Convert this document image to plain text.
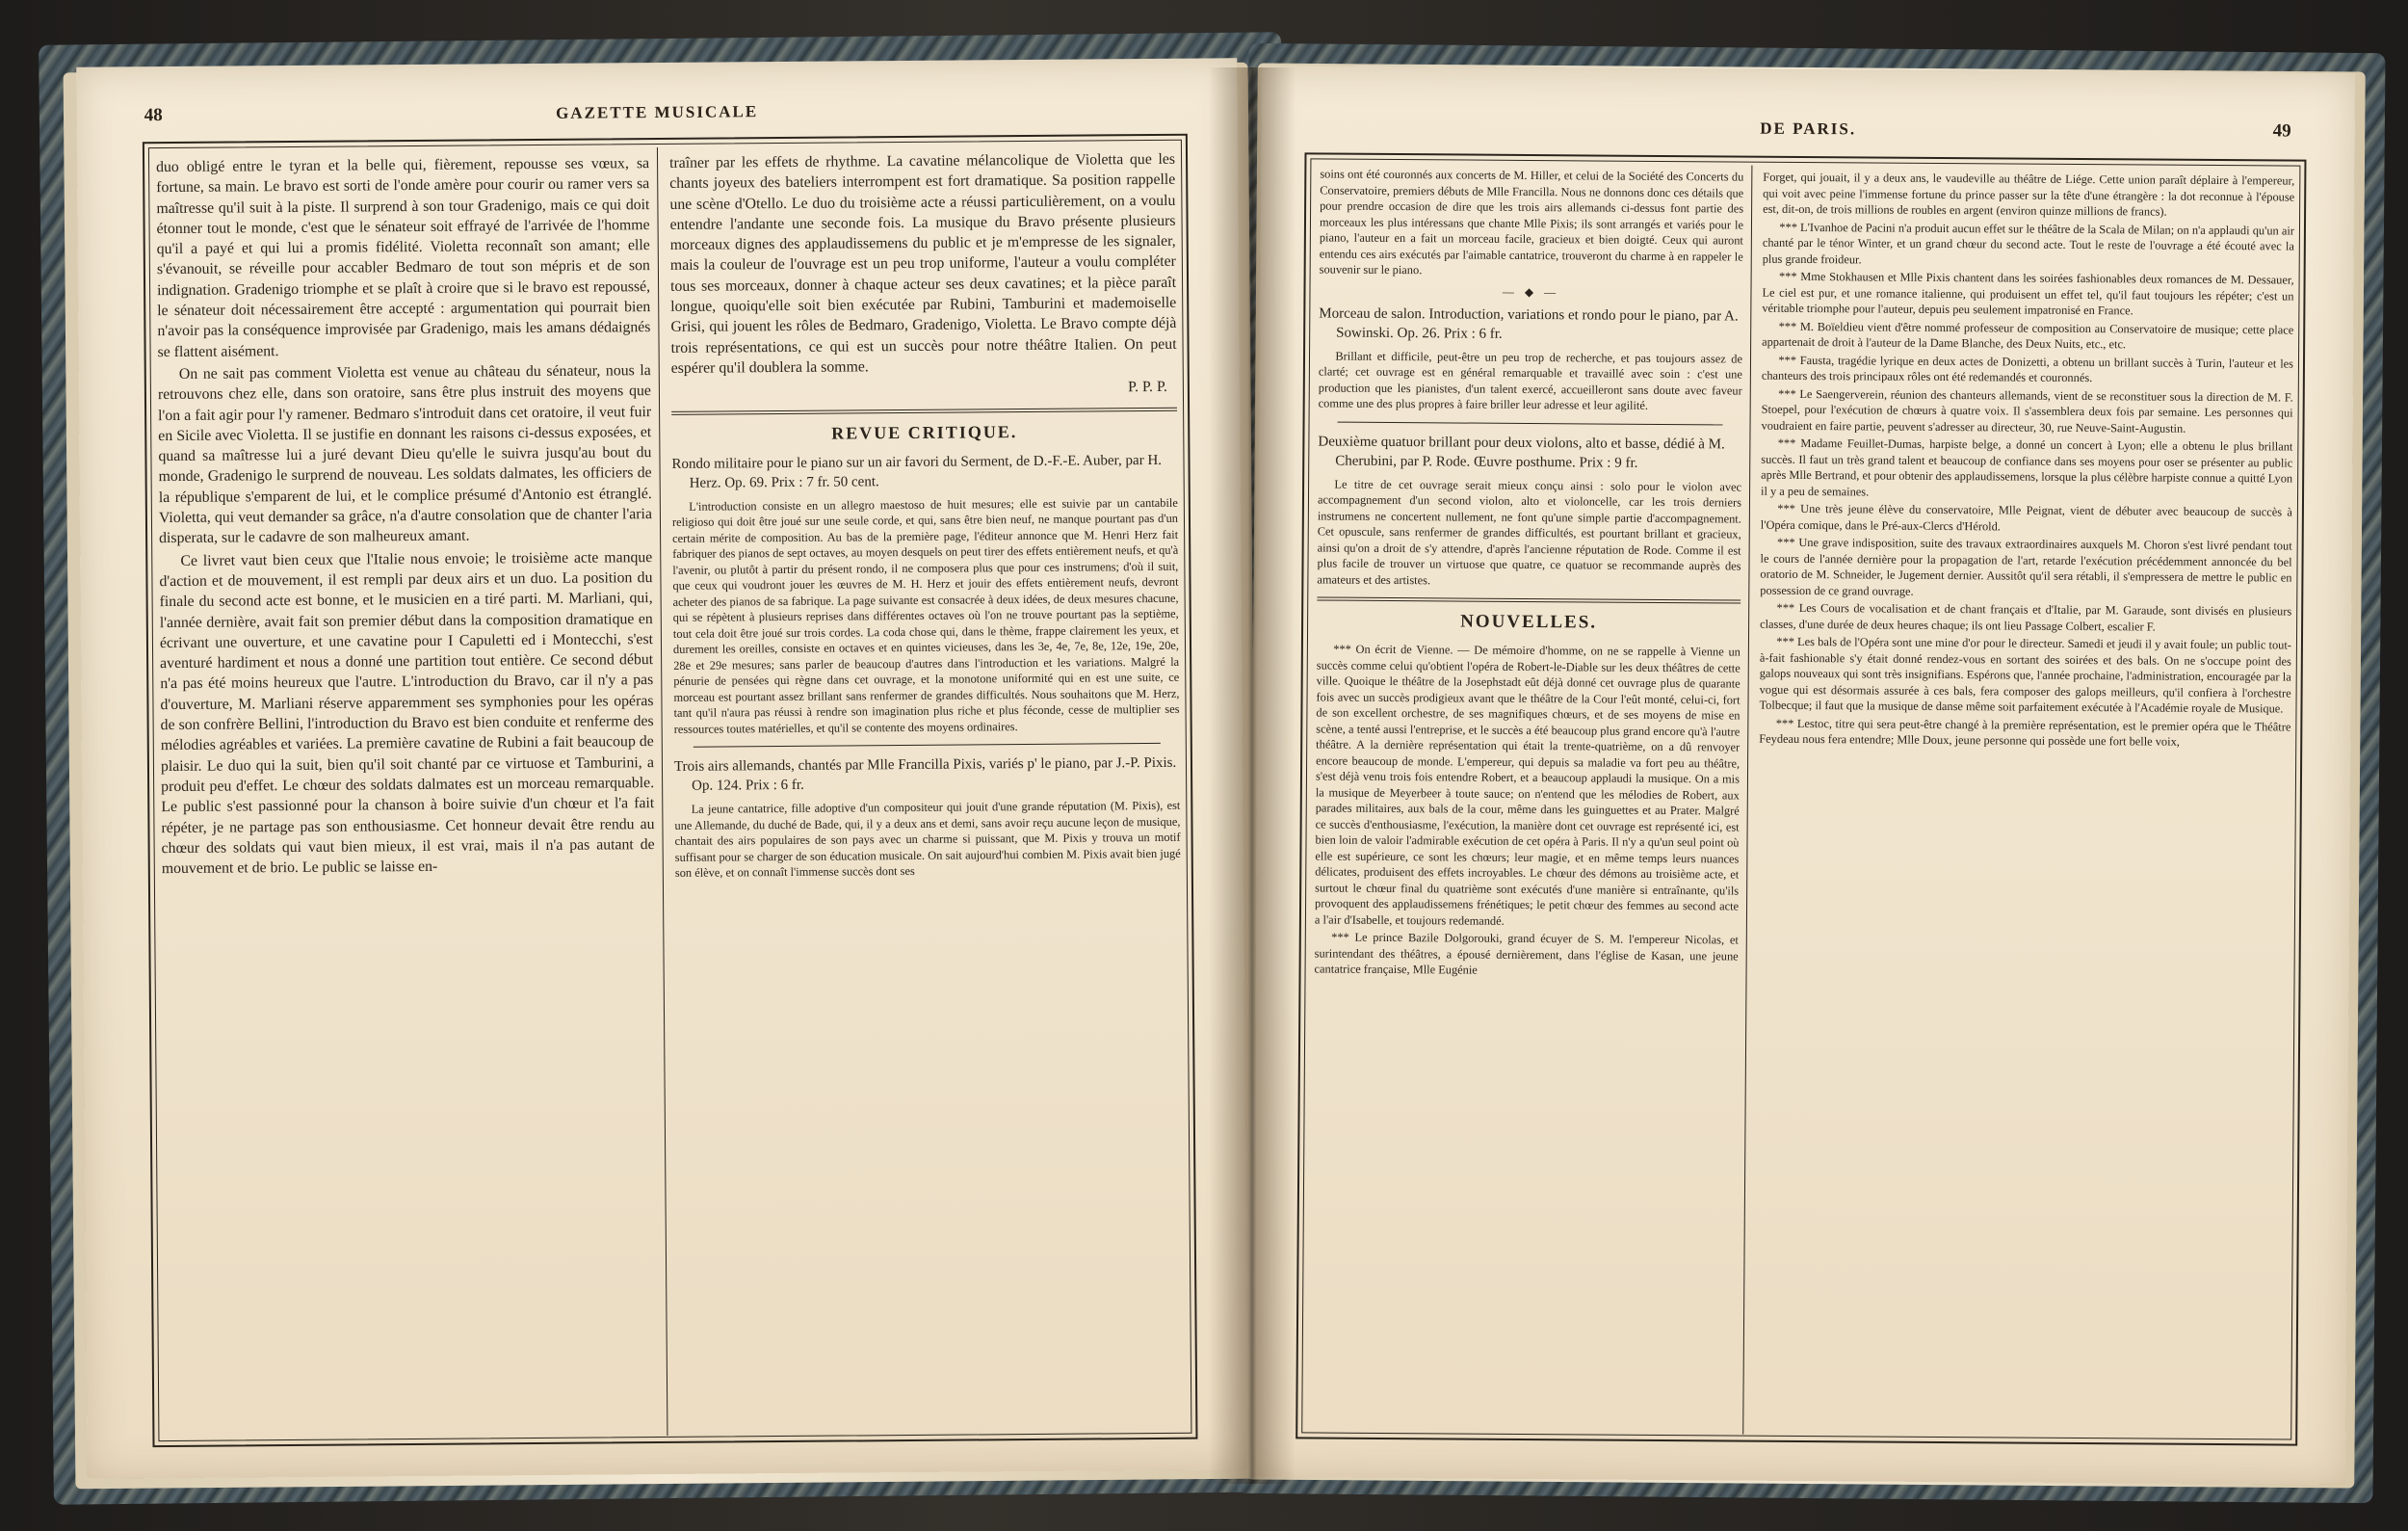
48	GAZETTE MUSICALE

duo obligé entre le tyran et la belle qui, fièrement, repousse ses vœux, sa fortune, sa main. Le bravo est sorti de l'onde amère pour courir ou ramer vers sa maîtresse qu'il suit à la piste. Il surprend à son tour Gradenigo, mais ce qui doit étonner tout le monde, c'est que le sénateur soit effrayé de l'arrivée de l'homme qu'il a payé et qui lui a promis fidélité. Violetta reconnaît son amant; elle s'évanouit, se réveille pour accabler Bedmaro de tout son mépris et de son indignation. Gradenigo triomphe et se plaît à croire que si le bravo est repoussé, le sénateur doit nécessairement être accepté : argumentation qui pourrait bien n'avoir pas la conséquence improvisée par Gradenigo, mais les amans dédaignés se flattent aisément.

On ne sait pas comment Violetta est venue au château du sénateur, nous la retrouvons chez elle, dans son oratoire, sans être plus instruit des moyens que l'on a fait agir pour l'y ramener. Bedmaro s'introduit dans cet oratoire, il veut fuir en Sicile avec Violetta. Il se justifie en donnant les raisons ci-dessus exposées, et quand sa maîtresse lui a juré devant Dieu qu'elle le suivra jusqu'au bout du monde, Gradenigo le surprend de nouveau. Les soldats dalmates, les officiers de la république s'emparent de lui, et le complice présumé d'Antonio est étranglé. Violetta, qui veut demander sa grâce, n'a d'autre consolation que de chanter l'aria disperata, sur le cadavre de son malheureux amant.

Ce livret vaut bien ceux que l'Italie nous envoie; le troisième acte manque d'action et de mouvement, il est rempli par deux airs et un duo. La position du finale du second acte est bonne, et le musicien en a tiré parti. M. Marliani, qui, l'année dernière, avait fait son premier début dans la composition dramatique en écrivant une ouverture, et une cavatine pour I Capuletti ed i Montecchi, s'est aventuré hardiment et nous a donné une partition tout entière. Ce second début n'a pas été moins heureux que l'autre. L'introduction du Bravo, car il n'y a pas d'ouverture, M. Marliani réserve apparemment ses symphonies pour les opéras de son confrère Bellini, l'introduction du Bravo est bien conduite et renferme des mélodies agréables et variées. La première cavatine de Rubini a fait beaucoup de plaisir. Le duo qui la suit, bien qu'il soit chanté par ce virtuose et Tamburini, a produit peu d'effet. Le chœur des soldats dalmates est un morceau remarquable. Le public s'est passionné pour la chanson à boire suivie d'un chœur et l'a fait répéter, je ne partage pas son enthousiasme. Cet honneur devait être rendu au chœur des soldats qui vaut bien mieux, il est vrai, mais il n'a pas autant de mouvement et de brio. Le public se laisse en-

traîner par les effets de rhythme. La cavatine mélancolique de Violetta que les chants joyeux des bateliers interrompent est fort dramatique. Sa position rappelle une scène d'Otello. Le duo du troisième acte a réussi particulièrement, on a voulu entendre l'andante une seconde fois. La musique du Bravo présente plusieurs morceaux dignes des applaudissemens du public et je m'empresse de les signaler, mais la couleur de l'ouvrage est un peu trop uniforme, l'auteur a voulu compléter tous ses morceaux, donner à chaque acteur ses deux cavatines; et la pièce paraît longue, quoiqu'elle soit bien exécutée par Rubini, Tamburini et mademoiselle Grisi, qui jouent les rôles de Bedmaro, Gradenigo, Violetta. Le Bravo compte déjà trois représentations, ce qui est un succès pour notre théâtre Italien. On peut espérer qu'il doublera la somme.

P. P. P.
REVUE CRITIQUE.
Rondo militaire pour le piano sur un air favori du Serment, de D.-F.-E. Auber, par H. Herz. Op. 69. Prix : 7 fr. 50 cent.

L'introduction consiste en un allegro maestoso de huit mesures; elle est suivie par un cantabile religioso qui doit être joué sur une seule corde, et qui, sans être bien neuf, ne manque pourtant pas d'un certain mérite de composition. Au bas de la première page, l'éditeur annonce que M. Henri Herz fait fabriquer des pianos de sept octaves, au moyen desquels on peut tirer des effets entièrement neufs, et qu'à l'avenir, ou plutôt à partir du présent rondo, il ne composera plus que pour ces instrumens; d'où il suit, que ceux qui voudront jouer les œuvres de M. H. Herz et jouir des effets entièrement neufs, devront acheter des pianos de sa fabrique. La page suivante est consacrée à deux idées, de deux mesures chacune, qui se répètent à plusieurs reprises dans différentes octaves où l'on ne trouve pourtant pas la septième, tout cela doit être joué sur trois cordes. La coda chose qui, dans le thème, frappe clairement les yeux, et durement les oreilles, consiste en octaves et en quintes vicieuses, dans les 3e, 4e, 7e, 8e, 12e, 19e, 20e, 28e et 29e mesures; sans parler de beaucoup d'autres dans l'introduction et les variations. Malgré la pénurie de pensées qui règne dans cet ouvrage, et la monotone uniformité qui en est une suite, ce morceau est pourtant assez brillant sans renfermer de grandes difficultés. Nous souhaitons que M. Herz, tant qu'il n'aura pas réussi à rendre son imagination plus riche et plus féconde, cesse de multiplier ses ressources toutes matérielles, et qu'il se contente des moyens ordinaires.

Trois airs allemands, chantés par Mlle Francilla Pixis, variés p' le piano, par J.-P. Pixis. Op. 124. Prix : 6 fr.

La jeune cantatrice, fille adoptive d'un compositeur qui jouit d'une grande réputation (M. Pixis), est une Allemande, du duché de Bade, qui, il y a deux ans et demi, sans avoir reçu aucune leçon de musique, chantait des airs populaires de son pays avec un charme si puissant, que M. Pixis y trouva un motif suffisant pour se charger de son éducation musicale. On sait aujourd'hui combien M. Pixis avait bien jugé son élève, et on connaît l'immense succès dont ses

DE PARIS.	49

soins ont été couronnés aux concerts de M. Hiller, et celui de la Société des Concerts du Conservatoire, premiers débuts de Mlle Francilla. Nous ne donnons donc ces détails que pour prendre occasion de dire que les trois airs allemands ci-dessus font partie des morceaux les plus intéressans que chante Mlle Pixis; ils sont arrangés et variés pour le piano, l'auteur en a fait un morceau facile, gracieux et bien doigté. Ceux qui auront entendu ces airs exécutés par l'aimable cantatrice, trouveront du charme à en rappeler le souvenir sur le piano.

— ◆ —
Morceau de salon. Introduction, variations et rondo pour le piano, par A. Sowinski. Op. 26. Prix : 6 fr.

Brillant et difficile, peut-être un peu trop de recherche, et pas toujours assez de clarté; cet ouvrage est en général remarquable et travaillé avec soin : c'est une production que les pianistes, d'un talent exercé, accueilleront sans doute avec faveur comme une des plus propres à faire briller leur adresse et leur agilité.

Deuxième quatuor brillant pour deux violons, alto et basse, dédié à M. Cherubini, par P. Rode. Œuvre posthume. Prix : 9 fr.

Le titre de cet ouvrage serait mieux conçu ainsi : solo pour le violon avec accompagnement d'un second violon, alto et violoncelle, car les trois derniers instrumens ne concertent nullement, ne font qu'une simple partie d'accompagnement. Cet opuscule, sans renfermer de grandes difficultés, est pourtant brillant et gracieux, ainsi qu'on a droit de s'y attendre, d'après l'ancienne réputation de Rode. Comme il est plus facile de trouver un virtuose que quatre, ce quatuor se recommande auprès des amateurs et des artistes.

NOUVELLES.

*** On écrit de Vienne. — De mémoire d'homme, on ne se rappelle à Vienne un succès comme celui qu'obtient l'opéra de Robert-le-Diable sur les deux théâtres de cette ville. Quoique le théâtre de la Josephstadt eût déjà donné cet ouvrage plus de quarante fois avec un succès prodigieux avant que le théâtre de la Cour l'eût monté, celui-ci, fort de son excellent orchestre, de ses magnifiques chœurs, et de ses moyens de mise en scène, a tenté aussi l'entreprise, et le succès a été beaucoup plus grand encore qu'à l'autre théâtre. A la dernière représentation qui était la trente-quatrième, on a dû renvoyer encore beaucoup de monde. L'empereur, qui depuis sa maladie va fort peu au théâtre, s'est déjà venu trois fois entendre Robert, et a beaucoup applaudi la musique. On a mis la musique de Meyerbeer à toute sauce; on n'entend que les mélodies de Robert, aux parades militaires, aux bals de la cour, même dans les guinguettes et au Prater. Malgré ce succès d'enthousiasme, l'exécution, la manière dont cet ouvrage est représenté ici, est bien loin de valoir l'admirable exécution de cet opéra à Paris. Il n'y a qu'un seul point où elle est supérieure, ce sont les chœurs; leur magie, et en même temps leurs nuances délicates, produisent des effets incroyables. Le chœur des démons au troisième acte, et surtout le chœur final du quatrième sont exécutés d'une manière si entraînante, qu'ils provoquent des applaudissemens frénétiques; le petit chœur des femmes au second acte a l'air d'Isabelle, et toujours redemandé.

*** Le prince Bazile Dolgorouki, grand écuyer de S. M. l'empereur Nicolas, et surintendant des théâtres, a épousé dernièrement, dans l'église de Kasan, une jeune cantatrice française, Mlle Eugénie

Forget, qui jouait, il y a deux ans, le vaudeville au théâtre de Liége. Cette union paraît déplaire à l'empereur, qui voit avec peine l'immense fortune du prince passer sur la tête d'une étrangère : la dot reconnue à l'épouse est, dit-on, de trois millions de roubles en argent (environ quinze millions de francs).

*** L'Ivanhoe de Pacini n'a produit aucun effet sur le théâtre de la Scala de Milan; on n'a applaudi qu'un air chanté par le ténor Winter, et un grand chœur du second acte. Tout le reste de l'ouvrage a été écouté avec la plus grande froideur.

*** Mme Stokhausen et Mlle Pixis chantent dans les soirées fashionables deux romances de M. Dessauer, Le ciel est pur, et une romance italienne, qui produisent un effet tel, qu'il faut toujours les répéter; c'est un véritable triomphe pour l'auteur, depuis peu seulement impatronisé en France.

*** M. Boïeldieu vient d'être nommé professeur de composition au Conservatoire de musique; cette place appartenait de droit à l'auteur de la Dame Blanche, des Deux Nuits, etc., etc.

*** Fausta, tragédie lyrique en deux actes de Donizetti, a obtenu un brillant succès à Turin, l'auteur et les chanteurs des trois principaux rôles ont été redemandés et couronnés.

*** Le Saengerverein, réunion des chanteurs allemands, vient de se reconstituer sous la direction de M. F. Stoepel, pour l'exécution de chœurs à quatre voix. Il s'assemblera deux fois par semaine. Les personnes qui voudraient en faire partie, peuvent s'adresser au directeur, 30, rue Neuve-Saint-Augustin.

*** Madame Feuillet-Dumas, harpiste belge, a donné un concert à Lyon; elle a obtenu le plus brillant succès. Il faut un très grand talent et beaucoup de confiance dans ses moyens pour oser se présenter au public après Mlle Bertrand, et pour obtenir des applaudissemens, lorsque la plus célèbre harpiste connue a quitté Lyon il y a peu de semaines.

*** Une très jeune élève du conservatoire, Mlle Peignat, vient de débuter avec beaucoup de succès à l'Opéra comique, dans le Pré-aux-Clercs d'Hérold.

*** Une grave indisposition, suite des travaux extraordinaires auxquels M. Choron s'est livré pendant tout le cours de l'année dernière pour la propagation de l'art, retarde l'exécution précédemment annoncée du bel oratorio de M. Schneider, le Jugement dernier. Aussitôt qu'il sera rétabli, il s'empressera de mettre le public en possession de ce grand ouvrage.

*** Les Cours de vocalisation et de chant français et d'Italie, par M. Garaude, sont divisés en plusieurs classes, d'une durée de deux heures chaque; ils ont lieu Passage Colbert, escalier F.

*** Les bals de l'Opéra sont une mine d'or pour le directeur. Samedi et jeudi il y avait foule; un public tout-à-fait fashionable s'y était donné rendez-vous en sortant des soirées et des bals. On ne s'occupe point des galops nouveaux qui sont très insignifians. Espérons que, l'année prochaine, l'administration, encouragée par la vogue qui est désormais assurée à ces bals, fera composer des galops meilleurs, qu'il confiera à l'orchestre Tolbecque; il faut que la musique de danse même soit parfaitement exécutée à l'Académie royale de Musique.

*** Lestoc, titre qui sera peut-être changé à la première représentation, est le premier opéra que le Théâtre Feydeau nous fera entendre; Mlle Doux, jeune personne qui possède une fort belle voix,
